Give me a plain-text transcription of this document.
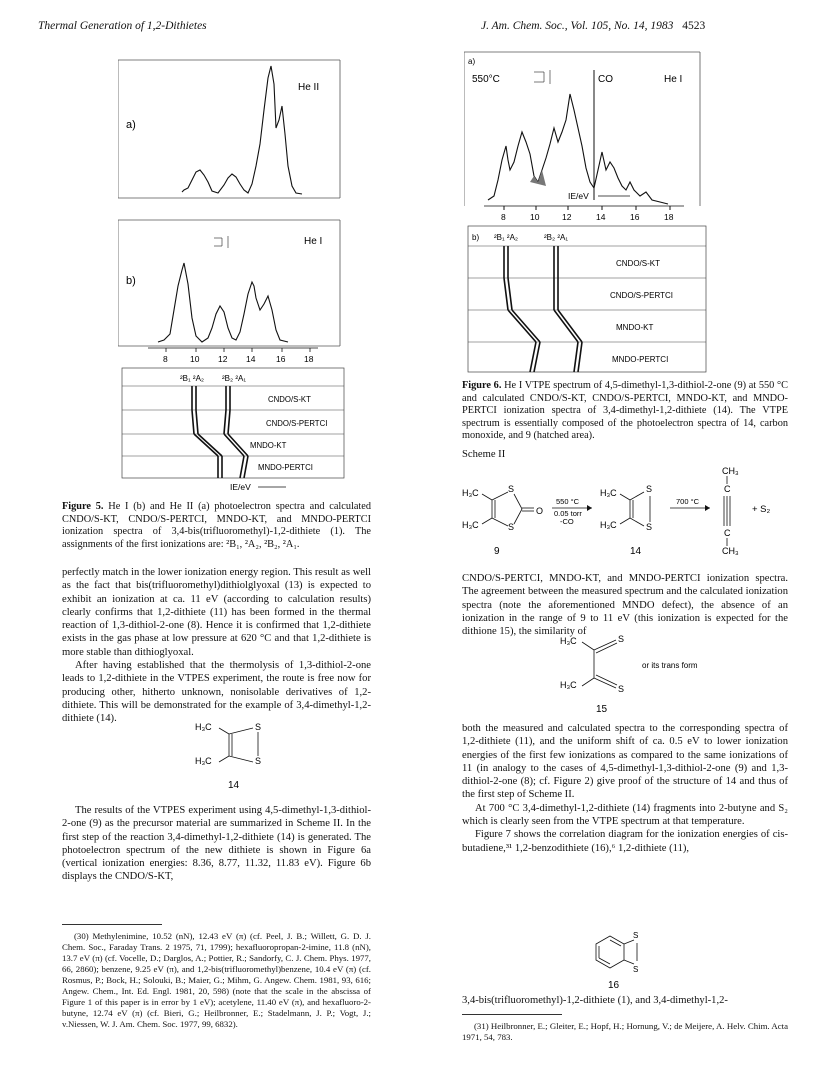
Thermal Generation of 1,2-Dithietes	J. Am. Chem. Soc., Vol. 105, No. 14, 1983 4523
a)
He II
b)
He I
8	10 12 14 16 18
²B₁ ²A₂ ²B₂ ²A₁
CNDO/S-KT
CNDO/S-PERTCI
MNDO-KT
MNDO-PERTCI
IE/eV
Figure 5. He I (b) and He II (a) photoelectron spectra and calculated CNDO/S-KT, CNDO/S-PERTCI, MNDO-KT, and MNDO-PERTCI ionization spectra of 3,4-bis(trifluoromethyl)-1,2-dithiete (1). The assignments of the first ionizations are: ²B₁, ²A₂, ²B₂, ²A₁.

perfectly match in the lower ionization energy region. This result as well as the fact that bis(trifluoromethyl)dithiolglyoxal (13) is expected to exhibit an ionization at ca. 11 eV (according to calculation results) clearly confirms that 1,2-dithiete (11) has been formed in the thermal reaction of 1,3-dithiol-2-one (8). Hence it is confirmed that 1,2-dithiete exists in the gas phase at low pressure at 620 °C and that 1,2-dithiete is more stable than dithioglyoxal.

After having established that the thermolysis of 1,3-dithiol-2-one leads to 1,2-dithiete in the VTPES experiment, the route is free now for producing other, hitherto unknown, nonisolable derivatives of 1,2-dithiete. This will be demonstrated for the example of 3,4-dimethyl-1,2-dithiete (14).

H₃C
H₃C
S
S
14

The results of the VTPES experiment using 4,5-dimethyl-1,3-dithiol-2-one (9) as the precursor material are summarized in Scheme II. In the first step of the reaction 3,4-dimethyl-1,2-dithiete (14) is generated. The photoelectron spectrum of the new dithiete is shown in Figure 6a (vertical ionization energies: 8.36, 8.77, 11.32, 11.83 eV). Figure 6b displays the CNDO/S-KT,

(30) Methylenimine, 10.52 (nN), 12.43 eV (π) (cf. Peel, J. B.; Willett, G. D. J. Chem. Soc., Faraday Trans. 2 1975, 71, 1799); hexafluoropropan-2-imine, 11.8 (nN), 13.7 eV (π) (cf. Vocelle, D.; Darglos, A.; Pottier, R.; Sandorfy, C. J. Chem. Phys. 1977, 66, 2860); benzene, 9.25 eV (π), and 1,2-bis(trifluoromethyl)benzene, 10.4 eV (π) (cf. Rosmus, P.; Bock, H.; Solouki, B.; Maier, G.; Mihm, G. Angew. Chem. 1981, 93, 616; Angew. Chem., Int. Ed. Engl. 1981, 20, 598) (note that the scale in the abscissa of Figure 1 of this paper is in error by 1 eV); acetylene, 11.40 eV (π), and hexafluoro-2-butyne, 12.74 eV (π) (cf. Bieri, G.; Heilbronner, E.; Stadelmann, J. P.; Vogt, J.; v.Niessen, W. J. Am. Chem. Soc. 1977, 99, 6832).

a)
550°C	CO	He I
IE/eV
8	10	12	14	16	18
b) ²B₁ ²A₂	²B₂ ²A₁
CNDO/S-KT
CNDO/S-PERTCI
MNDO-KT
MNDO-PERTCI
Figure 6. He I VTPE spectrum of 4,5-dimethyl-1,3-dithiol-2-one (9) at 550 °C and calculated CNDO/S-KT, CNDO/S-PERTCI, MNDO-KT, and MNDO-PERTCI ionization spectra of 3,4-dimethyl-1,2-dithiete (14). The VTPE spectrum is essentially composed of the photoelectron spectra of 14, carbon monoxide, and 9 (hatched area).

Scheme II

H₃C
H₃C
S
S
O
9
550 °C
0.05 torr
-CO
H₃C
H₃C
S
S
14
700 °C
CH₃
C
C
CH₃
+ S₂

CNDO/S-PERTCI, MNDO-KT, and MNDO-PERTCI ionization spectra. The agreement between the measured spectrum and the calculated ionization spectra (note the aforementioned MNDO defect), the absence of an ionization in the range of 9 to 11 eV (this ionization is expected for the dithione 15), the similarity of

H₃C
H₃C
S
S
or its trans form
15

both the measured and calculated spectra to the corresponding spectra of 1,2-dithiete (11), and the uniform shift of ca. 0.5 eV to lower ionization energies of the first few ionizations as compared to the same ionizations of 11 (in analogy to the cases of 4,5-dimethyl-1,3-dithiol-2-one (9) and 1,3-dithiol-2-one (8); cf. Figure 2) give proof of the structure of 14 and thus of the first step of Scheme II.

At 700 °C 3,4-dimethyl-1,2-dithiete (14) fragments into 2-butyne and S₂ which is clearly seen from the VTPE spectrum at that temperature.

Figure 7 shows the correlation diagram for the ionization energies of cis-butadiene,³¹ 1,2-benzodithiete (16),⁶ 1,2-dithiete (11),

S
S
16

3,4-bis(trifluoromethyl)-1,2-dithiete (1), and 3,4-dimethyl-1,2-

(31) Heilbronner, E.; Gleiter, E.; Hopf, H.; Hornung, V.; de Meijere, A. Helv. Chim. Acta 1971, 54, 783.
